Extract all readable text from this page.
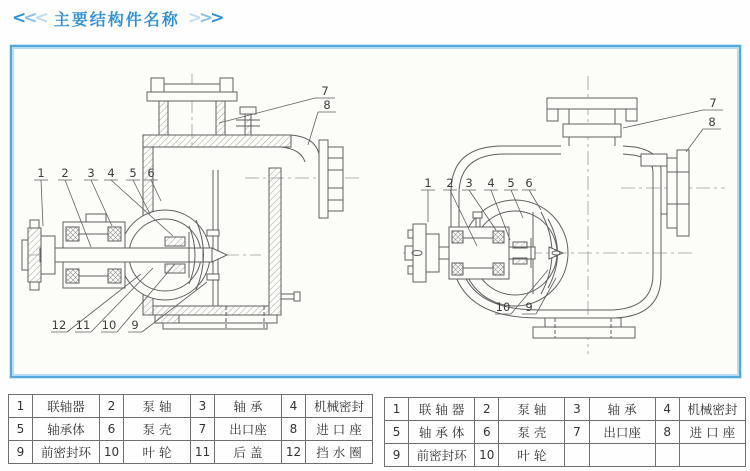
<<< 主要结构件名称 >>>
1 2 3 4 5 6
7
8
9
10
11
12
1 2 3 4 5 6
7
8
9
10
1	联轴器	2	泵 轴	3	轴 承	4	机械密封
5	轴承体	6	泵 壳	7	出口座	8	进 口 座
9	前密封环	10	叶 轮	11	后 盖	12	挡 水 圈
1	联 轴 器	2	泵 轴	3	轴 承	4	机械密封
5	轴 承 体	6	泵 壳	7	出口座	8	进 口 座
9	前密封环	10	叶 轮				
